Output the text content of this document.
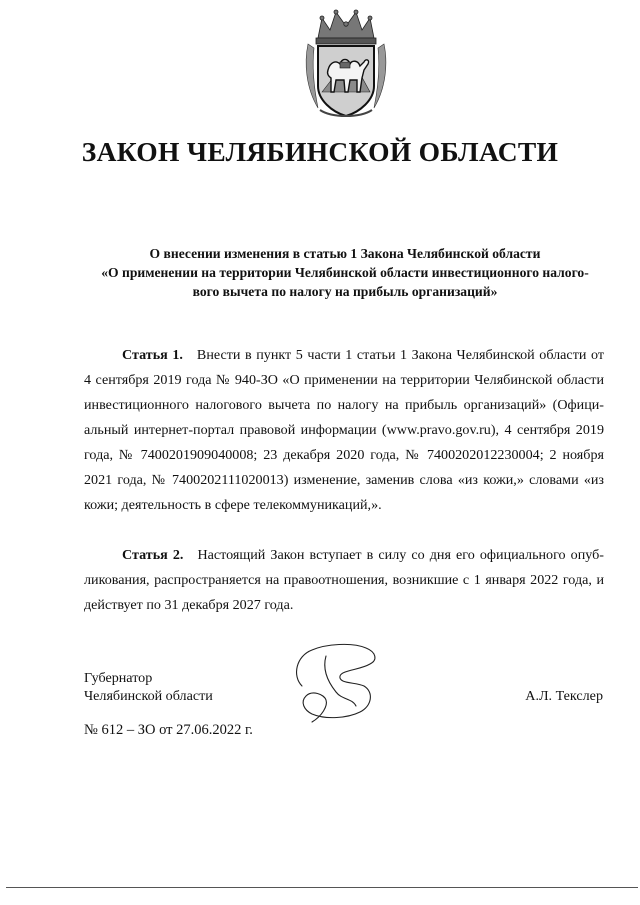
ЗАКОН ЧЕЛЯБИНСКОЙ ОБЛАСТИ
О внесении изменения в статью 1 Закона Челябинской области
«О применении на территории Челябинской области инвестиционного налого-
вого вычета по налогу на прибыль организаций»
Статья 1. Внести в пункт 5 части 1 статьи 1 Закона Челябинской области от
4 сентября 2019 года № 940-ЗО «О применении на территории Челябинской области
инвестиционного налогового вычета по налогу на прибыль организаций» (Офици-
альный интернет-портал правовой информации (www.pravo.gov.ru), 4 сентября 2019
года, № 7400201909040008; 23 декабря 2020 года, № 7400202012230004; 2 ноября
2021 года, № 7400202111020013) изменение, заменив слова «из кожи,» словами «из
кожи; деятельность в сфере телекоммуникаций,».
Статья 2. Настоящий Закон вступает в силу со дня его официального опуб-
ликования, распространяется на правоотношения, возникшие с 1 января 2022 года, и
действует по 31 декабря 2027 года.
Губернатор
Челябинской области	А.Л. Текслер
№ 612 – ЗО от 27.06.2022 г.
